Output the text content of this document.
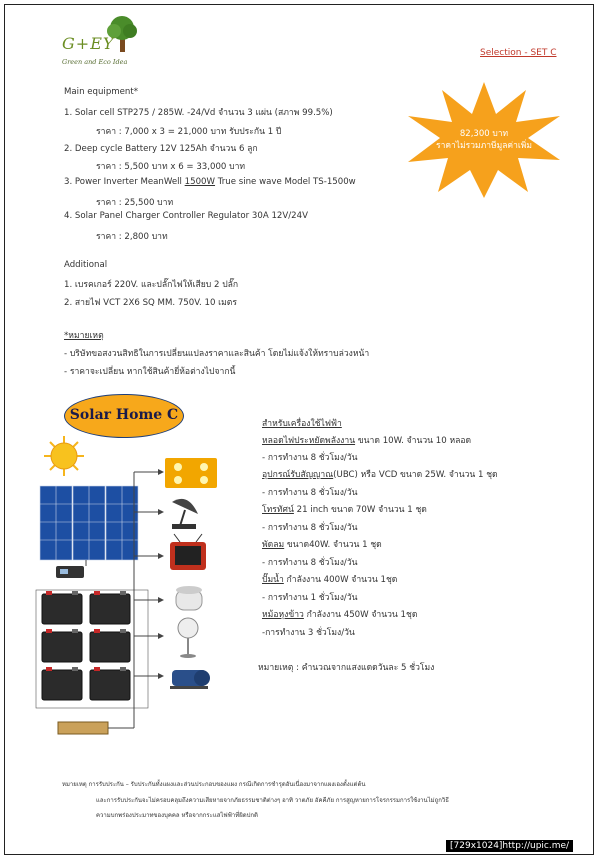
G+EY
Green and Eco Idea
Selection - SET C
82,300 บาท
ราคาไม่รวมภาษีมูลค่าเพิ่ม
Main equipment*
1. Solar cell STP275 / 285W. -24/Vd จำนวน 3 แผ่น (สภาพ 99.5%)
ราคา : 7,000 x 3 = 21,000 บาท รับประกัน 1 ปี
2. Deep cycle Battery 12V 125Ah จำนวน 6 ลูก
ราคา : 5,500 บาท x 6 = 33,000 บาท
3. Power Inverter MeanWell 1500W True sine wave Model TS-1500w
ราคา : 25,500 บาท
4. Solar Panel Charger Controller Regulator 30A 12V/24V
ราคา : 2,800 บาท
Additional
1. เบรคเกอร์ 220V. และปลั๊กไฟให้เสียบ 2 ปลั๊ก
2. สายไฟ VCT 2X6 SQ MM. 750V. 10 เมตร
*หมายเหตุ
- บริษัทขอสงวนสิทธิในการเปลี่ยนแปลงราคาและสินค้า โดยไม่แจ้งให้ทราบล่วงหน้า
- ราคาจะเปลี่ยน หากใช้สินค้ายี่ห้อต่างไปจากนี้
Solar Home C
สำหรับเครื่องใช้ไฟฟ้า
หลอดไฟประหยัดพลังงาน ขนาด 10W. จำนวน 10 หลอด
- การทำงาน 8 ชั่วโมง/วัน
อุปกรณ์รับสัญญาณ(UBC) หรือ VCD ขนาด 25W. จำนวน 1 ชุด
- การทำงาน 8 ชั่วโมง/วัน
โทรทัศน์ 21 inch ขนาด 70W จำนวน 1 ชุด
- การทำงาน 8 ชั่วโมง/วัน
พัดลม ขนาด40W. จำนวน 1 ชุด
- การทำงาน 8 ชั่วโมง/วัน
ปั๊มน้ำ กำลังงาน 400W จำนวน 1ชุด
- การทำงาน 1 ชั่วโมง/วัน
หม้อหุงข้าว กำลังงาน 450W จำนวน 1ชุด
-การทำงาน 3 ชั่วโมง/วัน
หมายเหตุ : คำนวณจากแสงแดดวันละ 5 ชั่วโมง
หมายเหตุ การรับประกัน – รับประกันทั้งแผงและส่วนประกอบของแผง กรณีเกิดการชำรุดอันเนื่องมาจากแผงเองตั้งแต่ต้น
และการรับประกันจะไม่ครอบคลุมถึงความเสียหายจากภัยธรรมชาติต่างๆ อาทิ วาตภัย อัคคีภัย การสูญหายการโจรกรรมการใช้งานไม่ถูกวิธี
ความบกพร่องประมาทของบุคคล หรือจากกระแสไฟฟ้าที่ผิดปกติ
[729x1024]http://upic.me/
